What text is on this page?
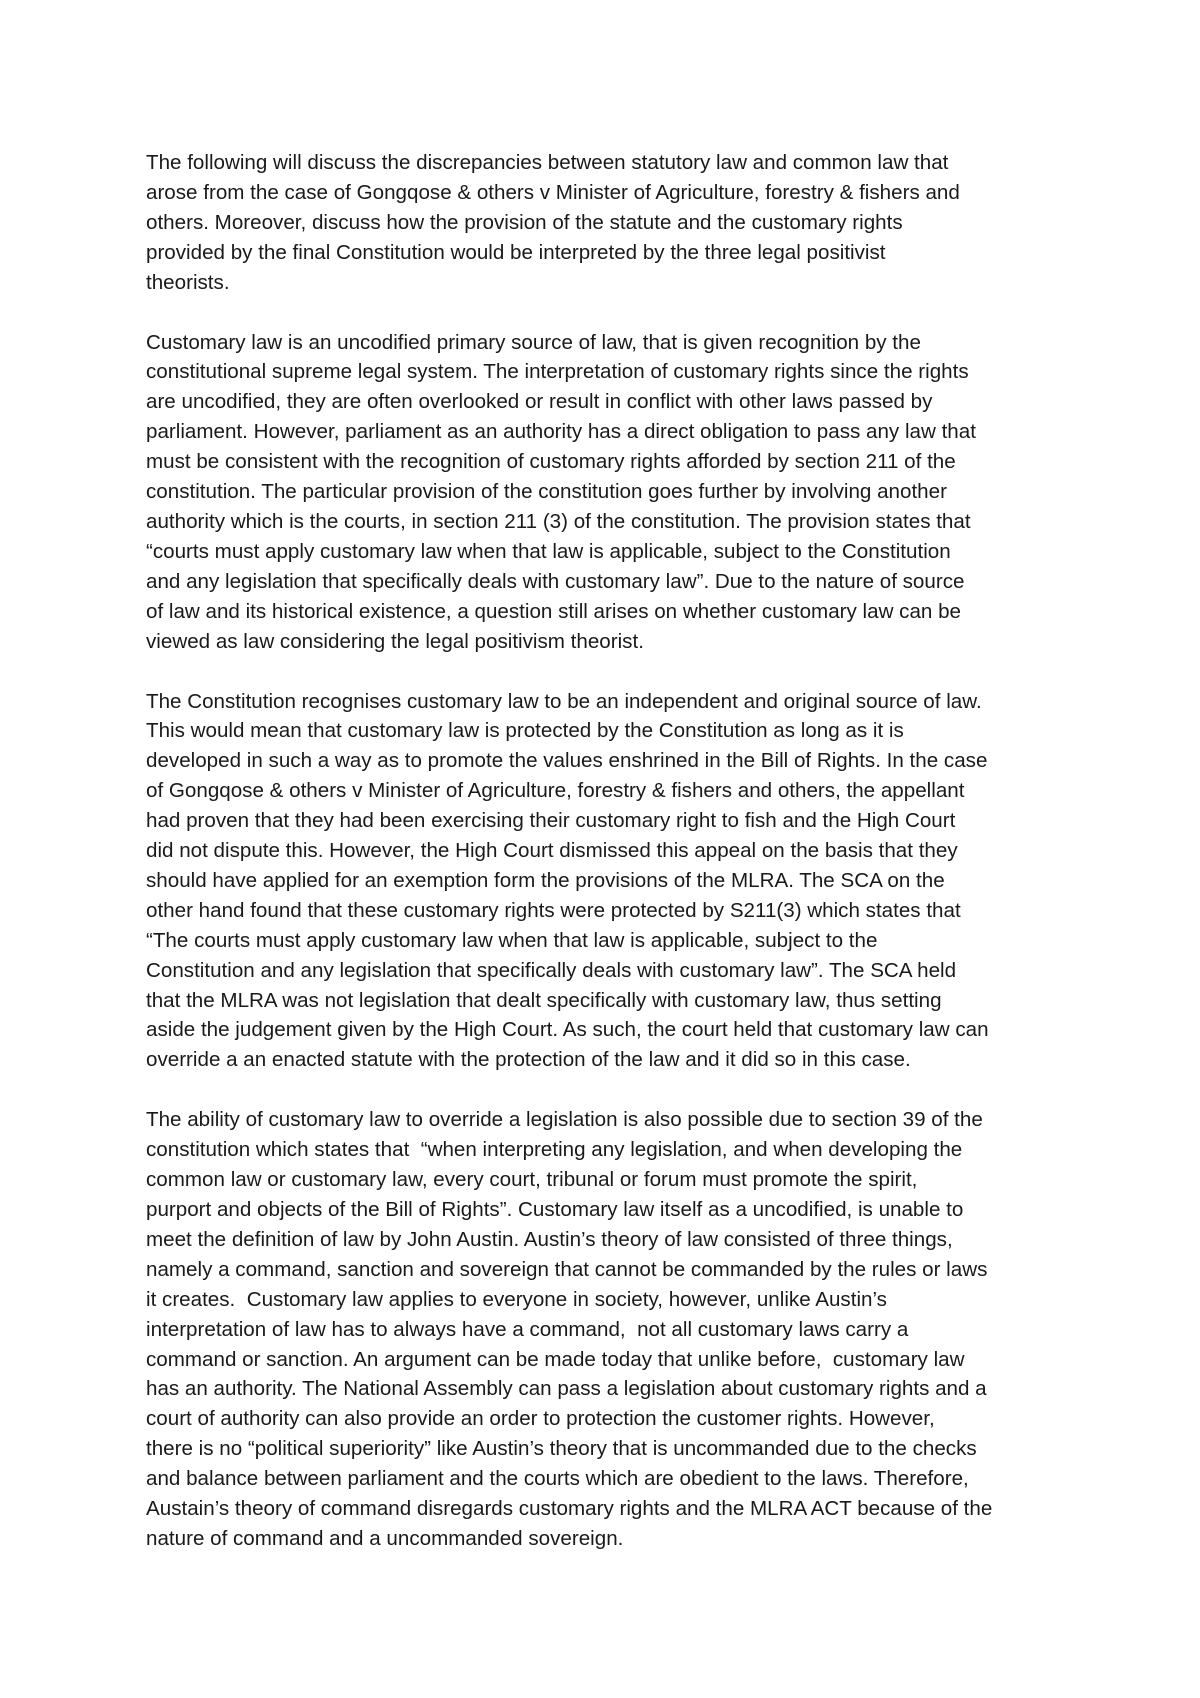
The following will discuss the discrepancies between statutory law and common law that
arose from the case of Gongqose & others v Minister of Agriculture, forestry & fishers and
others. Moreover, discuss how the provision of the statute and the customary rights
provided by the final Constitution would be interpreted by the three legal positivist
theorists.
Customary law is an uncodified primary source of law, that is given recognition by the
constitutional supreme legal system. The interpretation of customary rights since the rights
are uncodified, they are often overlooked or result in conflict with other laws passed by
parliament. However, parliament as an authority has a direct obligation to pass any law that
must be consistent with the recognition of customary rights afforded by section 211 of the
constitution. The particular provision of the constitution goes further by involving another
authority which is the courts, in section 211 (3) of the constitution. The provision states that
“courts must apply customary law when that law is applicable, subject to the Constitution
and any legislation that specifically deals with customary law”. Due to the nature of source
of law and its historical existence, a question still arises on whether customary law can be
viewed as law considering the legal positivism theorist.
The Constitution recognises customary law to be an independent and original source of law.
This would mean that customary law is protected by the Constitution as long as it is
developed in such a way as to promote the values enshrined in the Bill of Rights. In the case
of Gongqose & others v Minister of Agriculture, forestry & fishers and others, the appellant
had proven that they had been exercising their customary right to fish and the High Court
did not dispute this. However, the High Court dismissed this appeal on the basis that they
should have applied for an exemption form the provisions of the MLRA. The SCA on the
other hand found that these customary rights were protected by S211(3) which states that
“The courts must apply customary law when that law is applicable, subject to the
Constitution and any legislation that specifically deals with customary law”. The SCA held
that the MLRA was not legislation that dealt specifically with customary law, thus setting
aside the judgement given by the High Court. As such, the court held that customary law can
override a an enacted statute with the protection of the law and it did so in this case.
The ability of customary law to override a legislation is also possible due to section 39 of the
constitution which states that  “when interpreting any legislation, and when developing the
common law or customary law, every court, tribunal or forum must promote the spirit,
purport and objects of the Bill of Rights”. Customary law itself as a uncodified, is unable to
meet the definition of law by John Austin. Austin’s theory of law consisted of three things,
namely a command, sanction and sovereign that cannot be commanded by the rules or laws
it creates.  Customary law applies to everyone in society, however, unlike Austin’s
interpretation of law has to always have a command,  not all customary laws carry a
command or sanction. An argument can be made today that unlike before,  customary law
has an authority. The National Assembly can pass a legislation about customary rights and a
court of authority can also provide an order to protection the customer rights. However,
there is no “political superiority” like Austin’s theory that is uncommanded due to the checks
and balance between parliament and the courts which are obedient to the laws. Therefore,
Austain’s theory of command disregards customary rights and the MLRA ACT because of the
nature of command and a uncommanded sovereign.
